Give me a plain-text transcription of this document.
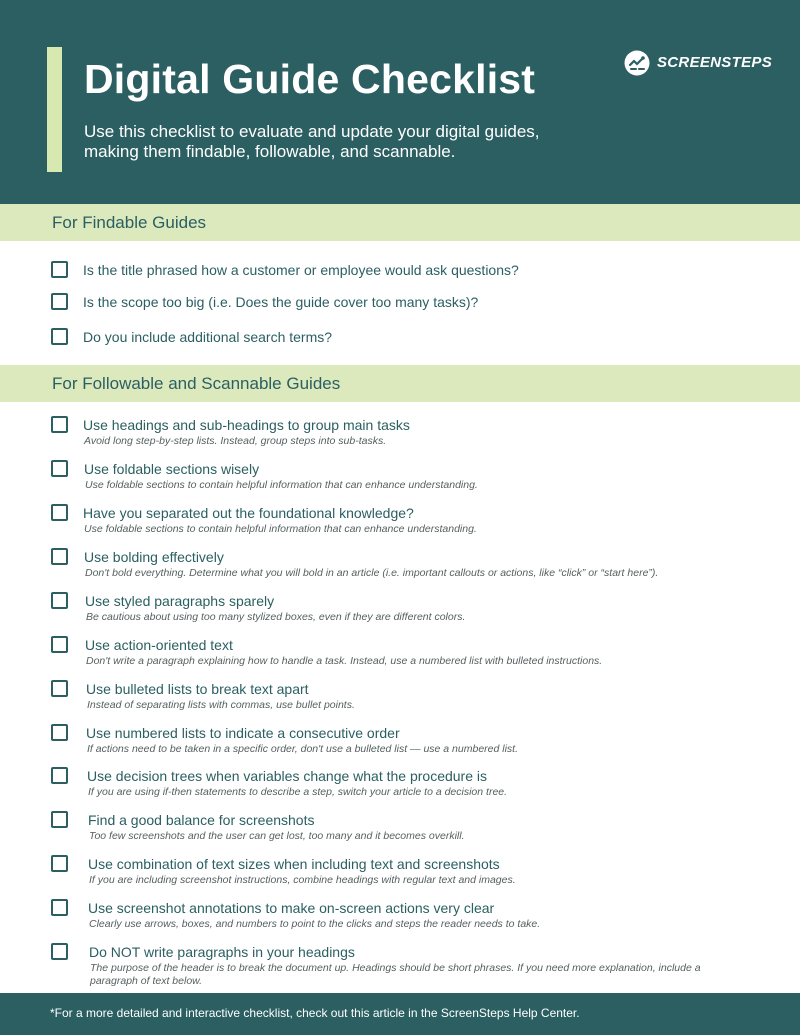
Digital Guide Checklist
Use this checklist to evaluate and update your digital guides, making them findable, followable, and scannable.
SCREENSTEPS
For Findable Guides
Is the title phrased how a customer or employee would ask questions?
Is the scope too big (i.e. Does the guide cover too many tasks)?
Do you include additional search terms?
For Followable and Scannable Guides
Use headings and sub-headings to group main tasks
Avoid long step-by-step lists. Instead, group steps into sub-tasks.
Use foldable sections wisely
Use foldable sections to contain helpful information that can enhance understanding.
Have you separated out the foundational knowledge?
Use foldable sections to contain helpful information that can enhance understanding.
Use bolding effectively
Don't bold everything. Determine what you will bold in an article (i.e. important callouts or actions, like “click” or “start here”).
Use styled paragraphs sparely
Be cautious about using too many stylized boxes, even if they are different colors.
Use action-oriented text
Don't write a paragraph explaining how to handle a task. Instead, use a numbered list with bulleted instructions.
Use bulleted lists to break text apart
Instead of separating lists with commas, use bullet points.
Use numbered lists to indicate a consecutive order
If actions need to be taken in a specific order, don't use a bulleted list — use a numbered list.
Use decision trees when variables change what the procedure is
If you are using if-then statements to describe a step, switch your article to a decision tree.
Find a good balance for screenshots
Too few screenshots and the user can get lost, too many and it becomes overkill.
Use combination of text sizes when including text and screenshots
If you are including screenshot instructions, combine headings with regular text and images.
Use screenshot annotations to make on-screen actions very clear
Clearly use arrows, boxes, and numbers to point to the clicks and steps the reader needs to take.
Do NOT write paragraphs in your headings
The purpose of the header is to break the document up. Headings should be short phrases. If you need more explanation, include a paragraph of text below.
*For a more detailed and interactive checklist, check out this article in the ScreenSteps Help Center.
